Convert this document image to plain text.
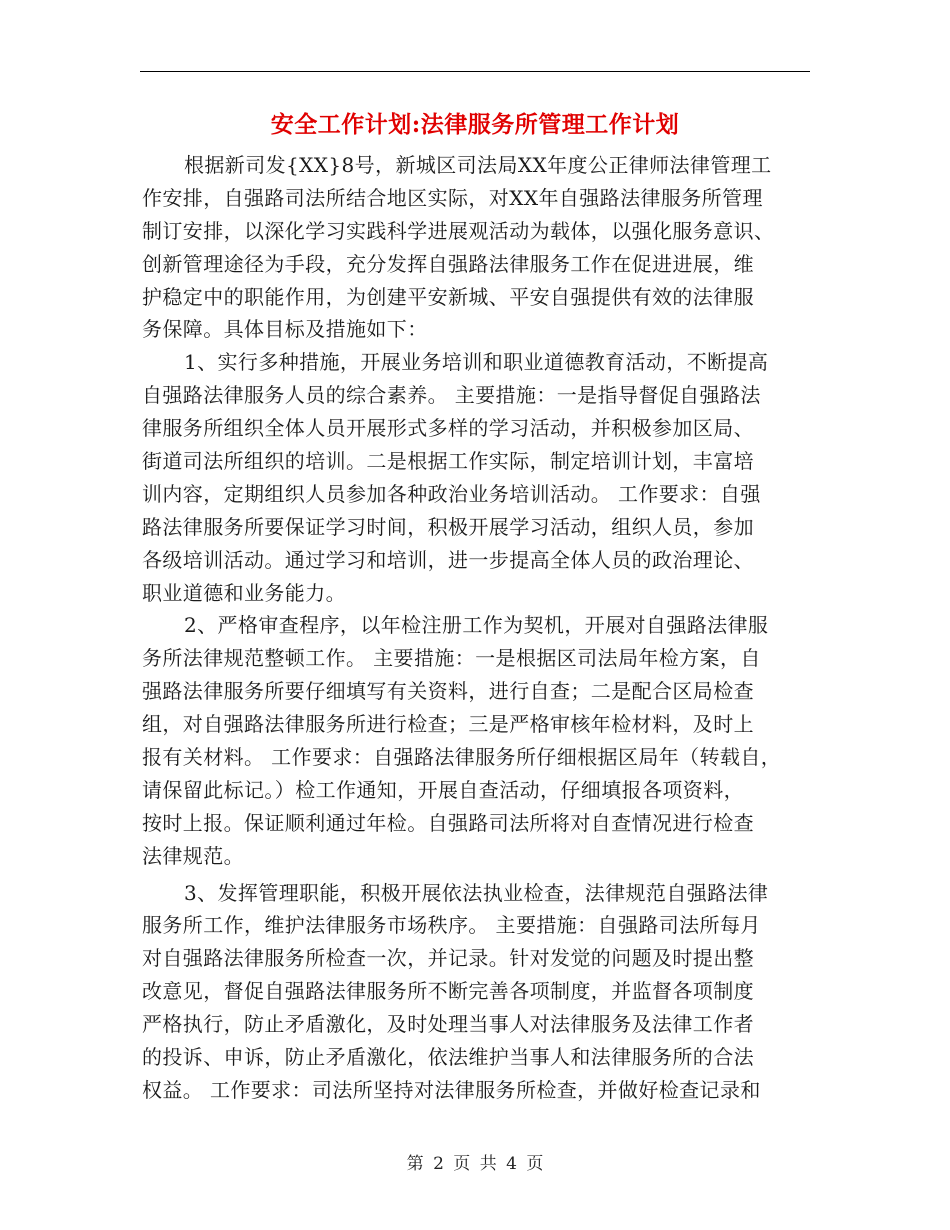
安全工作计划:法律服务所管理工作计划
根据新司发{XX}8号，新城区司法局XX年度公正律师法律管理工
作安排，自强路司法所结合地区实际，对XX年自强路法律服务所管理
制订安排，以深化学习实践科学进展观活动为载体，以强化服务意识、
创新管理途径为手段，充分发挥自强路法律服务工作在促进进展，维
护稳定中的职能作用，为创建平安新城、平安自强提供有效的法律服
务保障。具体目标及措施如下：
1、实行多种措施，开展业务培训和职业道德教育活动，不断提高
自强路法律服务人员的综合素养。 主要措施：一是指导督促自强路法
律服务所组织全体人员开展形式多样的学习活动，并积极参加区局、
街道司法所组织的培训。二是根据工作实际，制定培训计划，丰富培
训内容，定期组织人员参加各种政治业务培训活动。 工作要求：自强
路法律服务所要保证学习时间，积极开展学习活动，组织人员，参加
各级培训活动。通过学习和培训，进一步提高全体人员的政治理论、
职业道德和业务能力。
2、严格审查程序，以年检注册工作为契机，开展对自强路法律服
务所法律规范整顿工作。 主要措施：一是根据区司法局年检方案，自
强路法律服务所要仔细填写有关资料，进行自查；二是配合区局检查
组，对自强路法律服务所进行检查；三是严格审核年检材料，及时上
报有关材料。 工作要求：自强路法律服务所仔细根据区局年（转载自，
请保留此标记。）检工作通知，开展自查活动，仔细填报各项资料，
按时上报。保证顺利通过年检。自强路司法所将对自查情况进行检查
法律规范。
3、发挥管理职能，积极开展依法执业检查，法律规范自强路法律
服务所工作，维护法律服务市场秩序。 主要措施：自强路司法所每月
对自强路法律服务所检查一次，并记录。针对发觉的问题及时提出整
改意见，督促自强路法律服务所不断完善各项制度，并监督各项制度
严格执行，防止矛盾激化，及时处理当事人对法律服务及法律工作者
的投诉、申诉，防止矛盾激化，依法维护当事人和法律服务所的合法
权益。 工作要求：司法所坚持对法律服务所检查，并做好检查记录和
第 2 页 共 4 页
